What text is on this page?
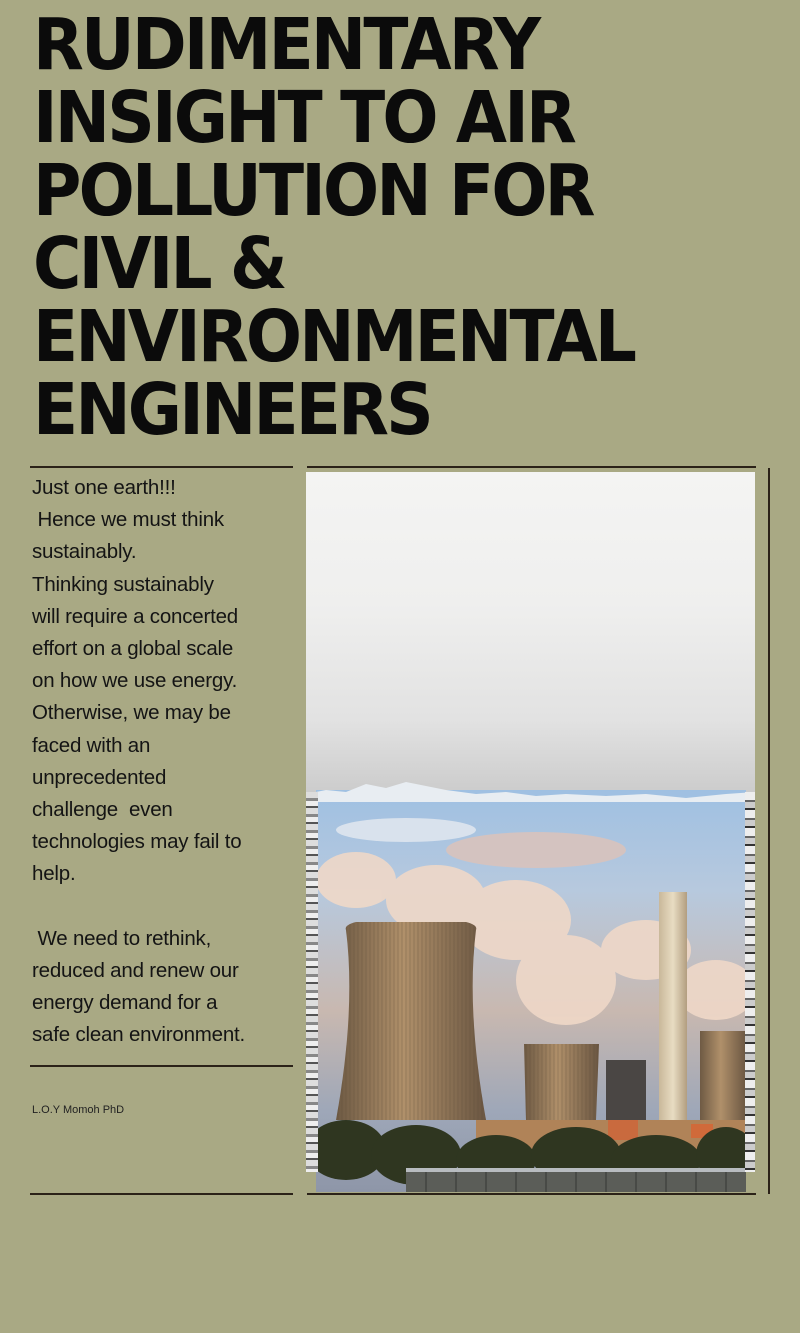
RUDIMENTARY
INSIGHT TO AIR
POLLUTION FOR
CIVIL &
ENVIRONMENTAL
ENGINEERS

Just one earth!!!

Hence we must think

sustainably.

Thinking sustainably

will require a concerted

effort on a global scale

on how we use energy.

Otherwise, we may be

faced with an

unprecedented

challenge  even

technologies may fail to

help.

We need to rethink,

reduced and renew our

energy demand for a

safe clean environment.

L.O.Y Momoh PhD
